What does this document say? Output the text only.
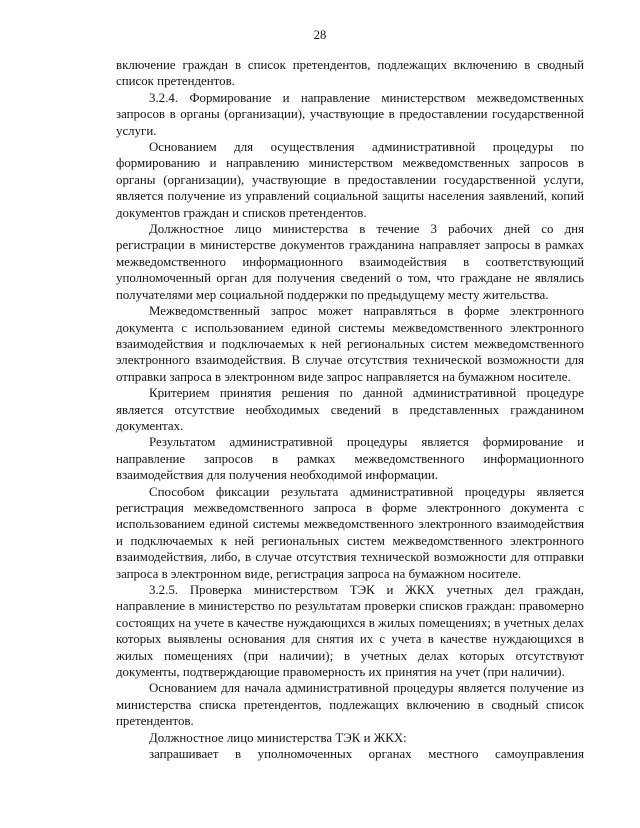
28

включение граждан в список претендентов, подлежащих включению в сводный список претендентов.

3.2.4. Формирование и направление министерством межведомственных запросов в органы (организации), участвующие в предоставлении государственной услуги.

Основанием для осуществления административной процедуры по формированию и направлению министерством межведомственных запросов в органы (организации), участвующие в предоставлении государственной услуги, является получение из управлений социальной защиты населения заявлений, копий документов граждан и списков претендентов.

Должностное лицо министерства в течение 3 рабочих дней со дня регистрации в министерстве документов гражданина направляет запросы в рамках межведомственного информационного взаимодействия в соответствующий уполномоченный орган для получения сведений о том, что граждане не являлись получателями мер социальной поддержки по предыдущему месту жительства.

Межведомственный запрос может направляться в форме электронного документа с использованием единой системы межведомственного электронного взаимодействия и подключаемых к ней региональных систем межведомственного электронного взаимодействия. В случае отсутствия технической возможности для отправки запроса в электронном виде запрос направляется на бумажном носителе.

Критерием принятия решения по данной административной процедуре является отсутствие необходимых сведений в представленных гражданином документах.

Результатом административной процедуры является формирование и направление запросов в рамках межведомственного информационного взаимодействия для получения необходимой информации.

Способом фиксации результата административной процедуры является регистрация межведомственного запроса в форме электронного документа с использованием единой системы межведомственного электронного взаимодействия и подключаемых к ней региональных систем межведомственного электронного взаимодействия, либо, в случае отсутствия технической возможности для отправки запроса в электронном виде, регистрация запроса на бумажном носителе.

3.2.5. Проверка министерством ТЭК и ЖКХ учетных дел граждан, направление в министерство по результатам проверки списков граждан: правомерно состоящих на учете в качестве нуждающихся в жилых помещениях; в учетных делах которых выявлены основания для снятия их с учета в качестве нуждающихся в жилых помещениях (при наличии); в учетных делах которых отсутствуют документы, подтверждающие правомерность их принятия на учет (при наличии).

Основанием для начала административной процедуры является получение из министерства списка претендентов, подлежащих включению в сводный список претендентов.

Должностное лицо министерства ТЭК и ЖКХ:

запрашивает в уполномоченных органах местного самоуправления
